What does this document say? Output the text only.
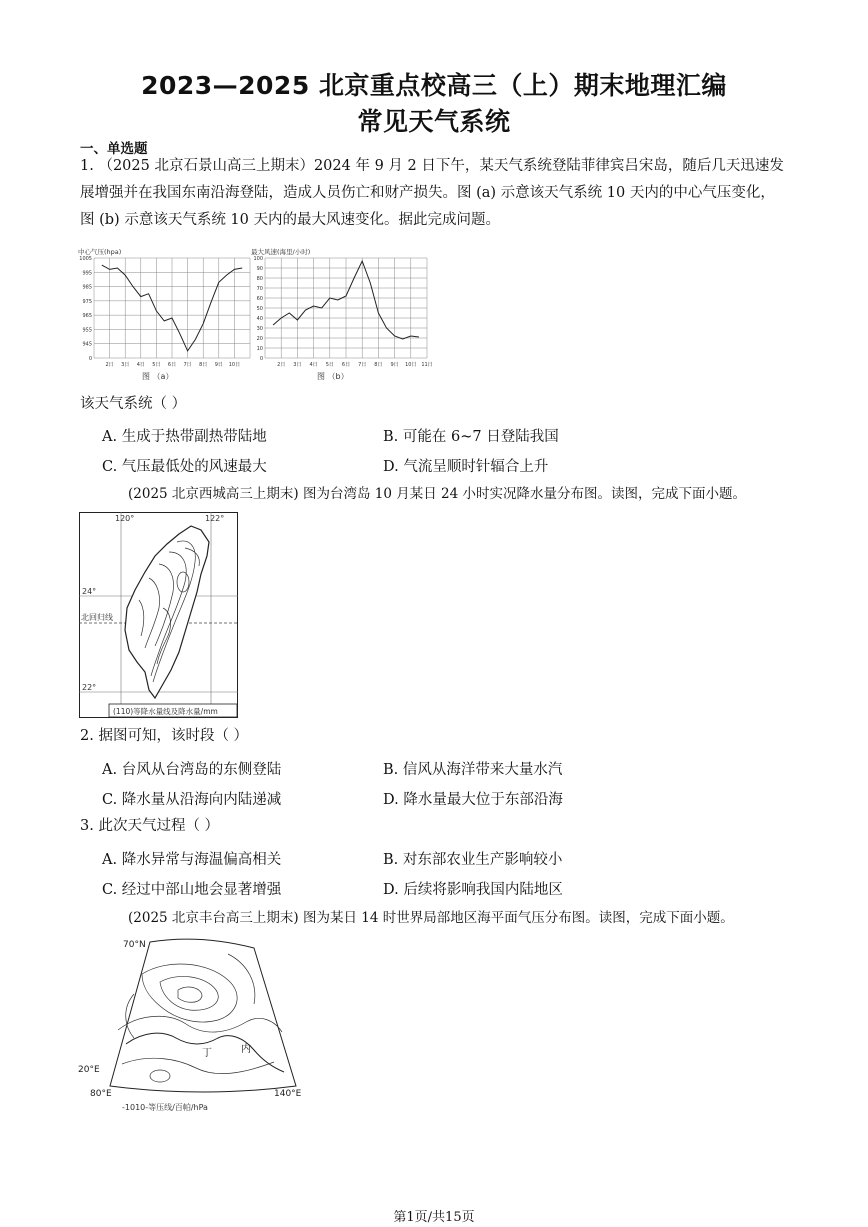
2023—2025 北京重点校高三（上）期末地理汇编
常见天气系统
一、单选题
1. （2025 北京石景山高三上期末）2024 年 9 月 2 日下午，某天气系统登陆菲律宾吕宋岛，随后几天迅速发
展增强并在我国东南沿海登陆，造成人员伤亡和财产损失。图 (a) 示意该天气系统 10 天内的中心气压变化，
图 (b) 示意该天气系统 10 天内的最大风速变化。据此完成问题。
中心气压(hpa)
1005
995
985
975
965
955
945
0
2日 3日 4日 5日 6日 7日 8日 9日 10日
图 （a）
最大风速(海里/小时)
100
90
80
70
60
50
40
30
20
10
0
2日 3日 4日 5日 6日 7日 8日 9日 10日 11日
图 （b）
该天气系统（ ）
A. 生成于热带副热带陆地	B. 可能在 6~7 日登陆我国
C. 气压最低处的风速最大	D. 气流呈顺时针辐合上升
(2025 北京西城高三上期末) 图为台湾岛 10 月某日 24 小时实况降水量分布图。读图，完成下面小题。
120°	122°
24°
22°
北回归线
(110)等降水量线及降水量/mm
2. 据图可知，该时段（ ）
A. 台风从台湾岛的东侧登陆	B. 信风从海洋带来大量水汽
C. 降水量从沿海向内陆递减	D. 降水量最大位于东部沿海
3. 此次天气过程（ ）
A. 降水异常与海温偏高相关	B. 对东部农业生产影响较小
C. 经过中部山地会显著增强	D. 后续将影响我国内陆地区
(2025 北京丰台高三上期末) 图为某日 14 时世界局部地区海平面气压分布图。读图，完成下面小题。
70°N
20°E
80°E	140°E
丁	内
-1010-等压线/百帕/hPa
第1页/共15页
